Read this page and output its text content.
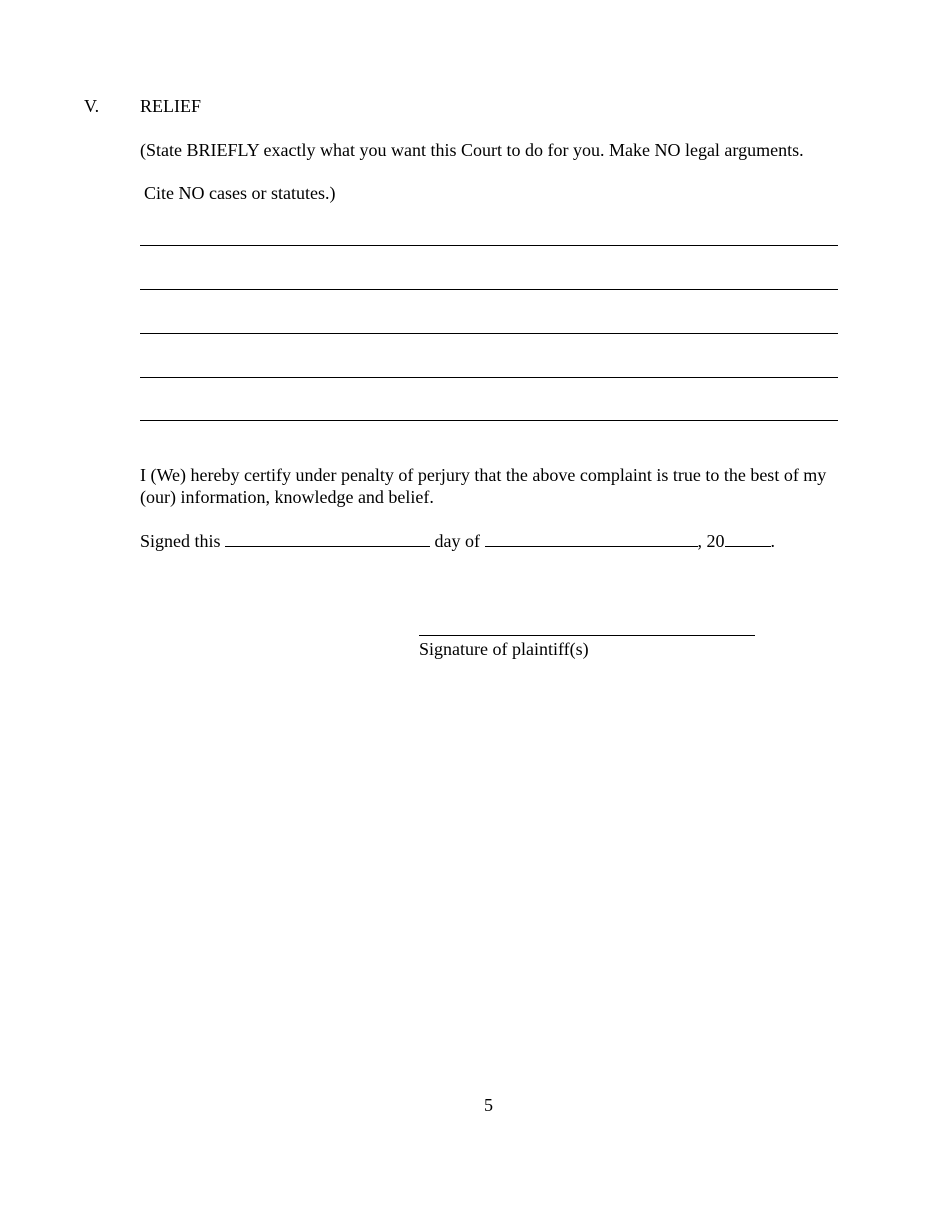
V. RELIEF
(State BRIEFLY exactly what you want this Court to do for you. Make NO legal arguments.
Cite NO cases or statutes.)
I (We) hereby certify under penalty of perjury that the above complaint is true to the best of my (our) information, knowledge and belief.
Signed this	day of	, 20	.
Signature of plaintiff(s)
5
